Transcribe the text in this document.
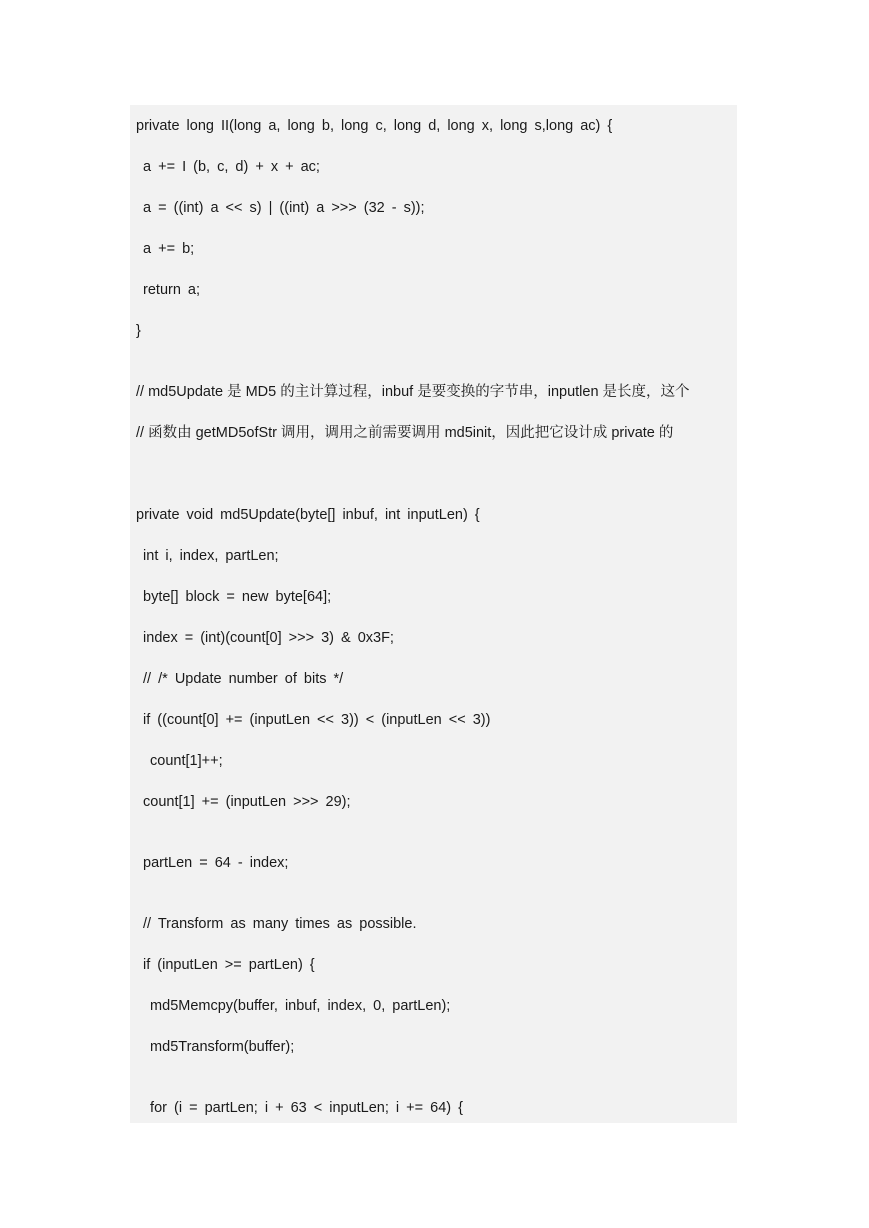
private long II(long a, long b, long c, long d, long x, long s,long ac) {
a += I (b, c, d) + x + ac;
a = ((int) a << s) | ((int) a >>> (32 - s));
a += b;
return a;
}
// md5Update 是 MD5 的主计算过程，inbuf 是要变换的字节串，inputlen 是长度，这个
// 函数由 getMD5ofStr 调用，调用之前需要调用 md5init，因此把它设计成 private 的
private void md5Update(byte[] inbuf, int inputLen) {
int i, index, partLen;
byte[] block = new byte[64];
index = (int)(count[0] >>> 3) & 0x3F;
// /* Update number of bits */
if ((count[0] += (inputLen << 3)) < (inputLen << 3))
count[1]++;
count[1] += (inputLen >>> 29);
partLen = 64 - index;
// Transform as many times as possible.
if (inputLen >= partLen) {
md5Memcpy(buffer, inbuf, index, 0, partLen);
md5Transform(buffer);
for (i = partLen; i + 63 < inputLen; i += 64) {
